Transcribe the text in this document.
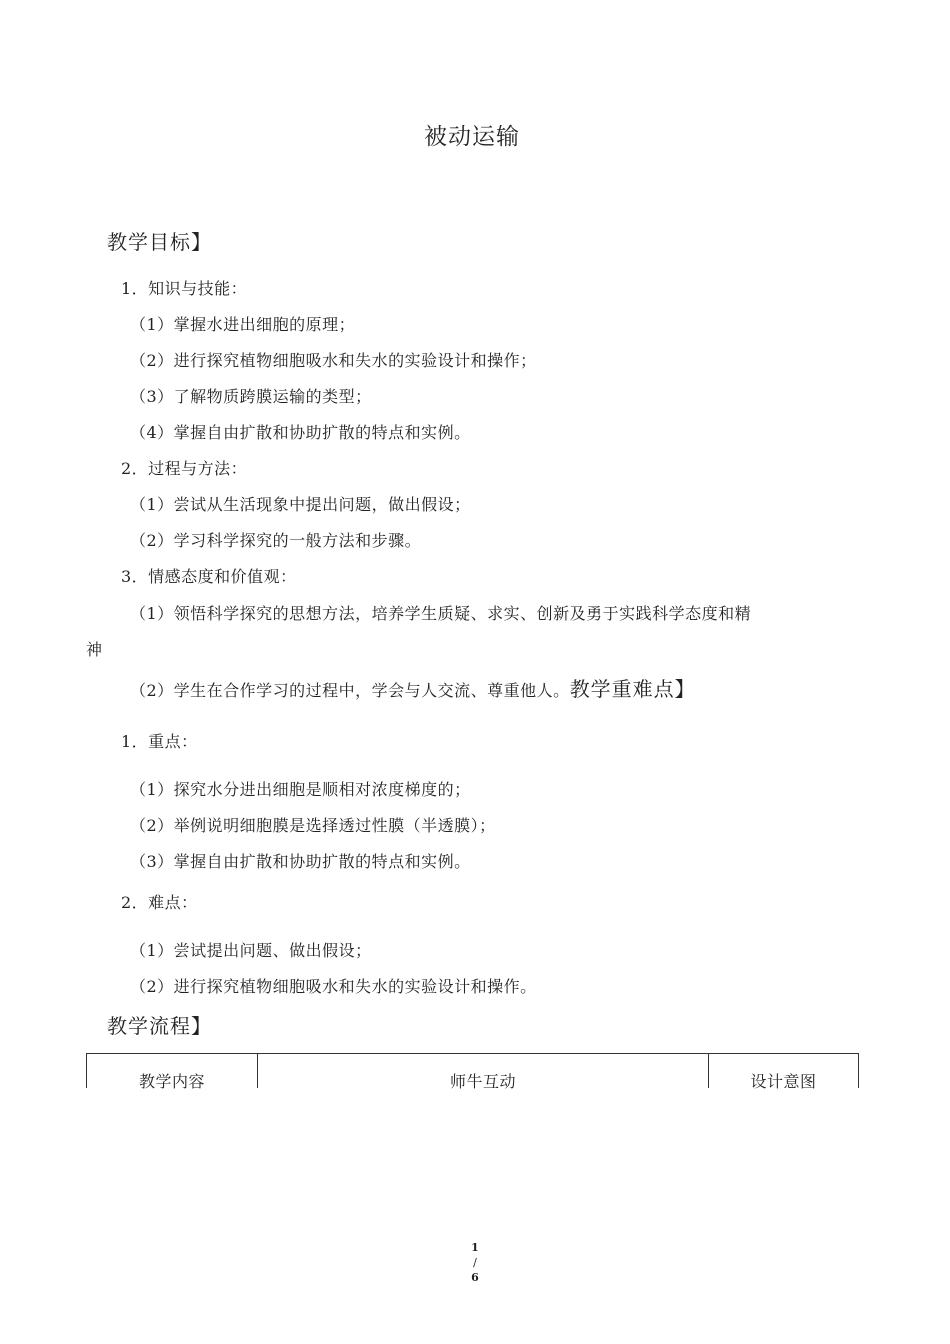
被动运输
教学目标】
1．知识与技能：
（1）掌握水进出细胞的原理；
（2）进行探究植物细胞吸水和失水的实验设计和操作；
（3）了解物质跨膜运输的类型；
（4）掌握自由扩散和协助扩散的特点和实例。
2．过程与方法：
（1）尝试从生活现象中提出问题，做出假设；
（2）学习科学探究的一般方法和步骤。
3．情感态度和价值观：
（1）领悟科学探究的思想方法，培养学生质疑、求实、创新及勇于实践科学态度和精
神
（2）学生在合作学习的过程中，学会与人交流、尊重他人。教学重难点】
1．重点：
（1）探究水分进出细胞是顺相对浓度梯度的；
（2）举例说明细胞膜是选择透过性膜（半透膜）；
（3）掌握自由扩散和协助扩散的特点和实例。
2．难点：
（1）尝试提出问题、做出假设；
（2）进行探究植物细胞吸水和失水的实验设计和操作。
教学流程】
教学内容	师牛互动	设计意图
1
/
6
